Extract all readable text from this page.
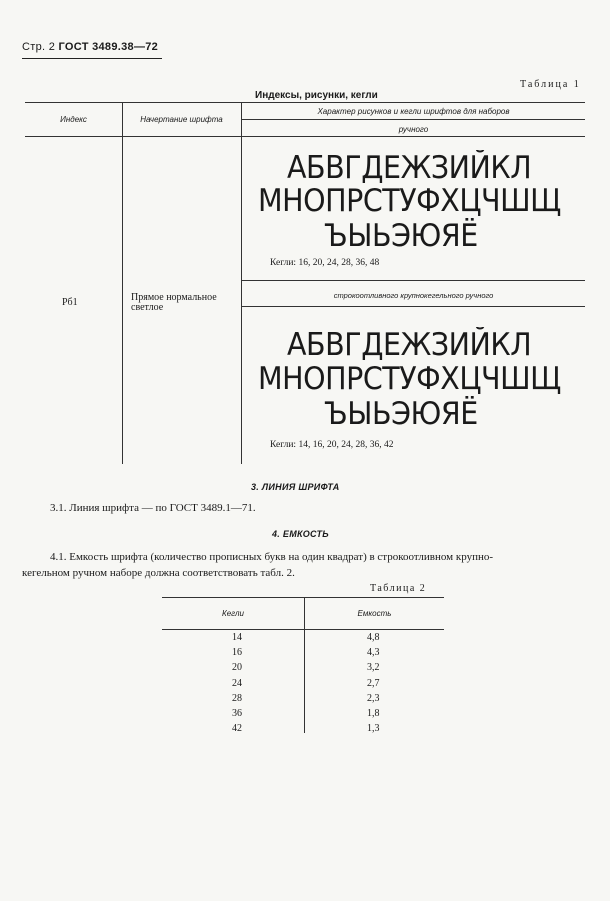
Стр. 2 ГОСТ 3489.38—72
Таблица 1
Индексы, рисунки, кегли
Индекс	Начертание шрифта
Характер рисунков и кегли шрифтов для наборов
ручного
Рб1	Прямое нормальное
светлое
АБВГДЕЖЗИЙКЛ
МНОПРСТУФХЦЧШЩ
ЪЫЬЭЮЯЁ
Кегли: 16, 20, 24, 28, 36, 48
строкоотливного крупнокегельного ручного
АБВГДЕЖЗИЙКЛ
МНОПРСТУФХЦЧШЩ
ЪЫЬЭЮЯЁ
Кегли: 14, 16, 20, 24, 28, 36, 42
3. ЛИНИЯ ШРИФТА
3.1. Линия шрифта — по ГОСТ 3489.1—71.
4. ЕМКОСТЬ
4.1. Емкость шрифта (количество прописных букв на один квадрат) в строкоотливном крупно-
кегельном ручном наборе должна соответствовать табл. 2.
Таблица 2
Кегли	Емкость
14	4,8
16	4,3
20	3,2
24	2,7
28	2,3
36	1,8
42	1,3
